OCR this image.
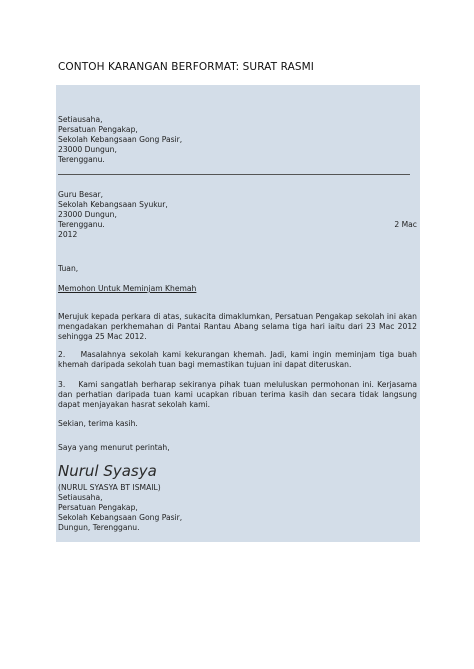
CONTOH KARANGAN BERFORMAT: SURAT RASMI
Setiausaha,
Persatuan Pengakap,
Sekolah Kebangsaan Gong Pasir,
23000 Dungun,
Terengganu.
Guru Besar,
Sekolah Kebangsaan Syukur,
23000 Dungun,
Terengganu.	2 Mac
2012
Tuan,
Memohon Untuk Meminjam Khemah
Merujuk kepada perkara di atas, sukacita dimaklumkan, Persatuan Pengakap sekolah ini akan mengadakan perkhemahan di Pantai Rantau Abang selama tiga hari iaitu dari 23 Mac 2012 sehingga 25 Mac 2012.
2.    Masalahnya sekolah kami kekurangan khemah. Jadi, kami ingin meminjam tiga buah khemah daripada sekolah tuan bagi memastikan tujuan ini dapat diteruskan.
3.    Kami sangatlah berharap sekiranya pihak tuan meluluskan permohonan ini. Kerjasama dan perhatian daripada tuan kami ucapkan ribuan terima kasih dan secara tidak langsung dapat menjayakan hasrat sekolah kami.
Sekian, terima kasih.
Saya yang menurut perintah,
Nurul Syasya
(NURUL SYASYA BT ISMAIL)
Setiausaha,
Persatuan Pengakap,
Sekolah Kebangsaan Gong Pasir,
Dungun, Terengganu.
